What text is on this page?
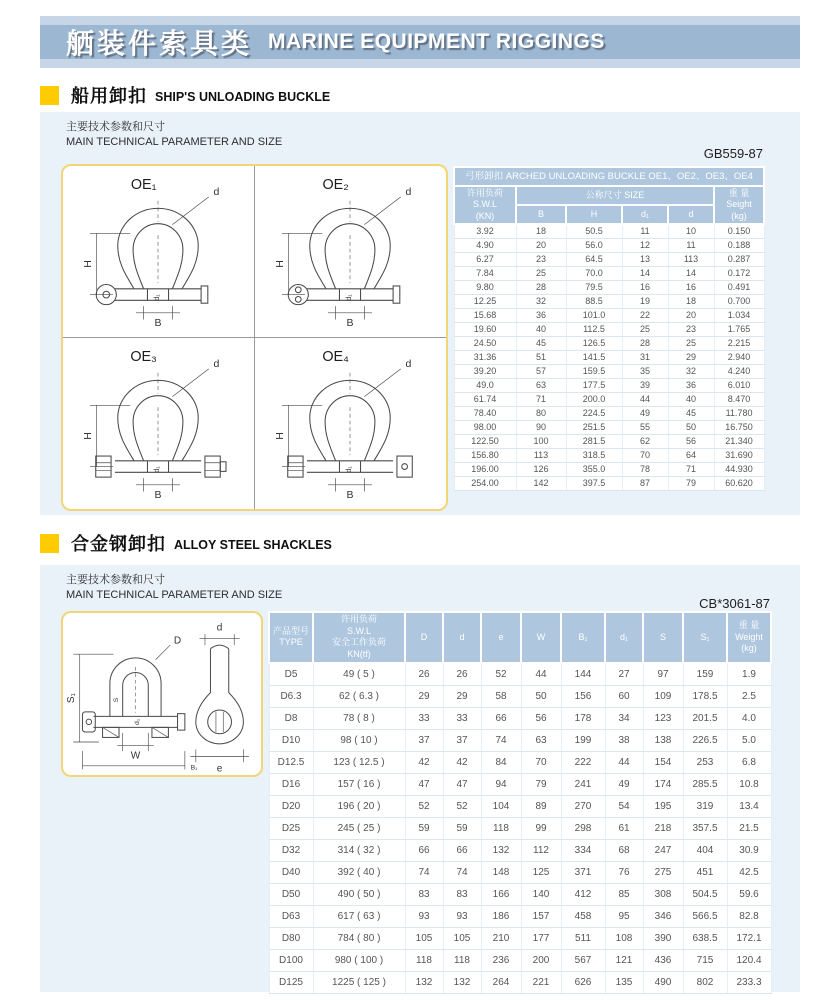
舾装件索具类 MARINE EQUIPMENT RIGGINGS
船用卸扣 SHIP'S UNLOADING BUCKLE
主要技术参数和尺寸
MAIN TECHNICAL PARAMETER AND SIZE
GB559-87
OE₁	OE₂
OE₃	OE₄
弓形卸扣 ARCHED UNLOADING BUCKLE OE1、OE2、OE3、OE4					

许用负荷
S.W.L
(KN)
	公称尺寸 SIZE	重 量
Seight
(kg)

	B	H	d₁	d	
3.92	18	50.5	11	10	0.150
4.90	20	56.0	12	11	0.188
6.27	23	64.5	13	113	0.287
7.84	25	70.0	14	14	0.172
9.80	28	79.5	16	16	0.491
12.25	32	88.5	19	18	0.700
15.68	36	101.0	22	20	1.034
19.60	40	112.5	25	23	1.765
24.50	45	126.5	28	25	2.215
31.36	51	141.5	31	29	2.940
39.20	57	159.5	35	32	4.240
49.0	63	177.5	39	36	6.010
61.74	71	200.0	44	40	8.470
78.40	80	224.5	49	45	11.780
98.00	90	251.5	55	50	16.750
122.50	100	281.5	62	56	21.340
156.80	113	318.5	70	64	31.690
196.00	126	355.0	78	71	44.930
254.00	142	397.5	87	79	60.620
合金钢卸扣 ALLOY STEEL SHACKLES
主要技术参数和尺寸
MAIN TECHNICAL PARAMETER AND SIZE
CB*3061-87
D
S₁	S
d₁
W
B₁
d
e
产品型号
TYPE

许用负荷
S.W.L
安全工作负荷
KN(tf)
	D	d	e	W	B₁	d₁	S	S₁	
重 量
Weight
(kg)

D5	49 ( 5 )	26	26	52	44	144	27	97	159	1.9
D6.3	62 ( 6.3 )	29	29	58	50	156	60	109	178.5	2.5
D8	78 ( 8 )	33	33	66	56	178	34	123	201.5	4.0
D10	98 ( 10 )	37	37	74	63	199	38	138	226.5	5.0
D12.5	123 ( 12.5 )	42	42	84	70	222	44	154	253	6.8
D16	157 ( 16 )	47	47	94	79	241	49	174	285.5	10.8
D20	196 ( 20 )	52	52	104	89	270	54	195	319	13.4
D25	245 ( 25 )	59	59	118	99	298	61	218	357.5	21.5
D32	314 ( 32 )	66	66	132	112	334	68	247	404	30.9
D40	392 ( 40 )	74	74	148	125	371	76	275	451	42.5
D50	490 ( 50 )	83	83	166	140	412	85	308	504.5	59.6
D63	617 ( 63 )	93	93	186	157	458	95	346	566.5	82.8
D80	784 ( 80 )	105	105	210	177	511	108	390	638.5	172.1
D100	980 ( 100 )	118	118	236	200	567	121	436	715	120.4
D125	1225 ( 125 )	132	132	264	221	626	135	490	802	233.3
